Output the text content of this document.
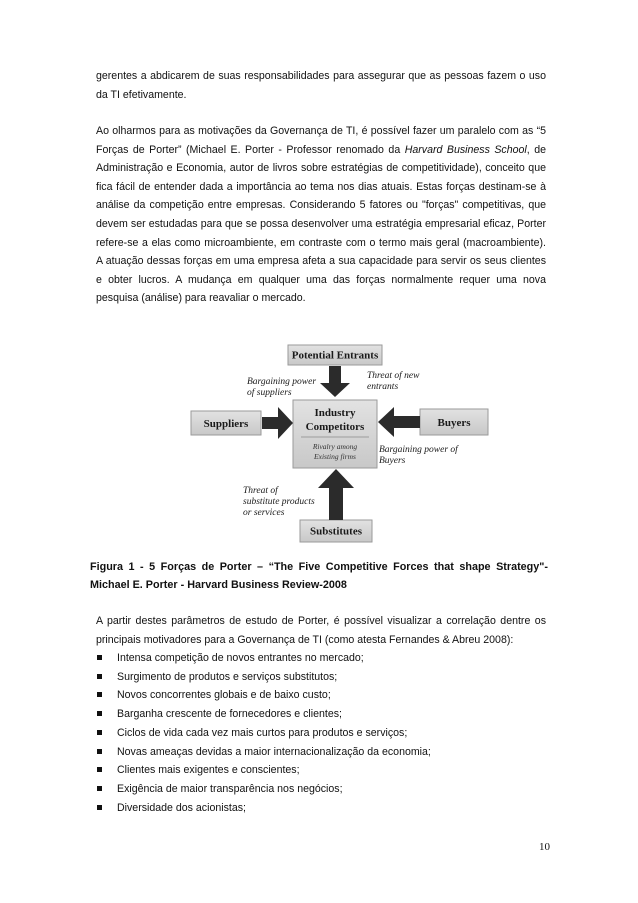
gerentes a abdicarem de suas responsabilidades para assegurar que as pessoas fazem o uso da TI efetivamente.

Ao olharmos para as motivações da Governança de TI, é possível fazer um paralelo com as “5 Forças de Porter” (Michael E. Porter - Professor renomado da Harvard Business School, de Administração e Economia, autor de livros sobre estratégias de competitividade), conceito que fica fácil de entender dada a importância ao tema nos dias atuais. Estas forças destinam-se à análise da competição entre empresas. Considerando 5 fatores ou "forças" competitivas, que devem ser estudadas para que se possa desenvolver uma estratégia empresarial eficaz, Porter refere-se a elas como microambiente, em contraste com o termo mais geral (macroambiente). A atuação dessas forças em uma empresa afeta a sua capacidade para servir os seus clientes e obter lucros. A mudança em qualquer uma das forças normalmente requer uma nova pesquisa (análise) para reavaliar o mercado.

Potential Entrants
Industry
Competitors
Rivalry among
Existing firms
Suppliers	Buyers
Substitutes
Bargaining power
of suppliers
Threat of new
entrants
Bargaining power of
Buyers
Threat of
substitute products
or services

Figura 1 - 5 Forças de Porter – “The Five Competitive Forces that shape Strategy"- Michael E. Porter - Harvard Business Review-2008

A partir destes parâmetros de estudo de Porter, é possível visualizar a correlação dentre os principais motivadores para a Governança de TI (como atesta Fernandes & Abreu 2008):

Intensa competição de novos entrantes no mercado;
Surgimento de produtos e serviços substitutos;
Novos concorrentes globais e de baixo custo;
Barganha crescente de fornecedores e clientes;
Ciclos de vida cada vez mais curtos para produtos e serviços;
Novas ameaças devidas a maior internacionalização da economia;
Clientes mais exigentes e conscientes;
Exigência de maior transparência nos negócios;
Diversidade dos acionistas;
10
